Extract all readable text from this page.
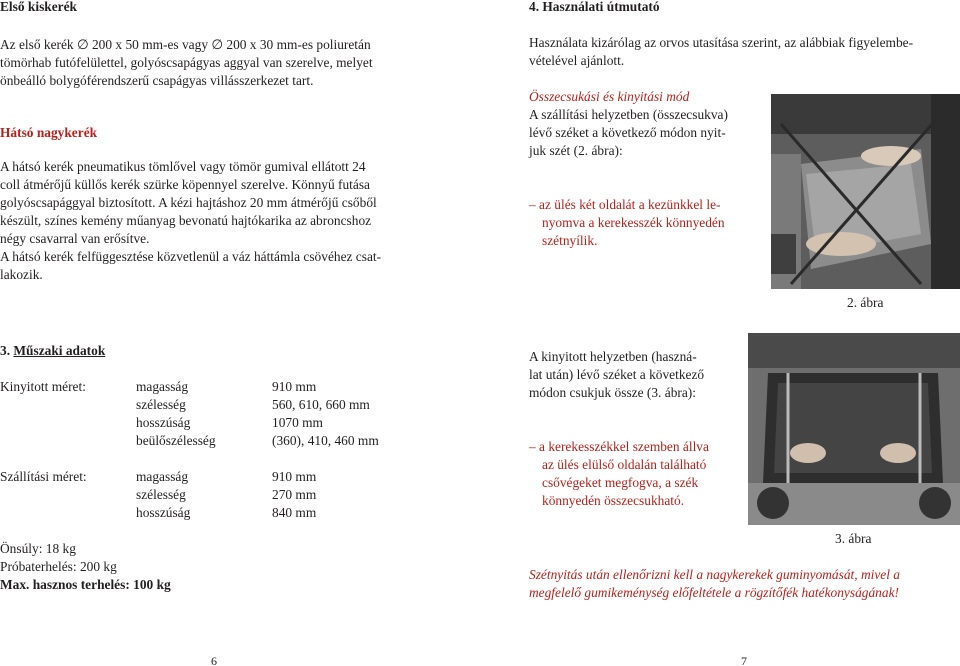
Első kiskerék
Az első kerék ∅ 200 x 50 mm-es vagy ∅ 200 x 30 mm-es poliuretán
tömörhab futófelülettel, golyóscsapágyas aggyal van szerelve, melyet
önbeálló bolygóférendszerű csapágyas villásszerkezet tart.
Hátsó nagykerék
A hátsó kerék pneumatikus tömlővel vagy tömör gumival ellátott 24
coll átmérőjű küllős kerék szürke köpennyel szerelve. Könnyű futása
golyóscsapággyal biztosított. A kézi hajtáshoz 20 mm átmérőjű csőből
készült, színes kemény műanyag bevonatú hajtókarika az abroncshoz
négy csavarral van erősítve.
A hátsó kerék felfüggesztése közvetlenül a váz háttámla csövéhez csat-
lakozik.
3. Műszaki adatok
Kinyitott méret:	magasság	910 mm
szélesség	560, 610, 660 mm
hosszúság	1070 mm
beülőszélesség	(360), 410, 460 mm
Szállítási méret:	magasság	910 mm
szélesség	270 mm
hosszúság	840 mm
Önsúly: 18 kg
Próbaterhelés: 200 kg
Max. hasznos terhelés: 100 kg
6
4. Használati útmutató
Használata kizárólag az orvos utasítása szerint, az alábbiak figyelembe-
vételével ajánlott.
Összecsukási és kinyitási mód
A szállítási helyzetben (összecsukva)
lévő széket a következő módon nyit-
juk szét (2. ábra):
– az ülés két oldalát a kezünkkel le-
nyomva a kerekesszék könnyedén
szétnyílik.
2. ábra
A kinyitott helyzetben (haszná-
lat után) lévő széket a következő
módon csukjuk össze (3. ábra):
– a kerekesszékkel szemben állva
az ülés elülső oldalán található
csővégeket megfogva, a szék
könnyedén összecsukható.
3. ábra
Szétnyitás után ellenőrizni kell a nagykerekek guminyomását, mivel a
megfelelő gumikeménység előfeltétele a rögzítőfék hatékonyságának!
7
